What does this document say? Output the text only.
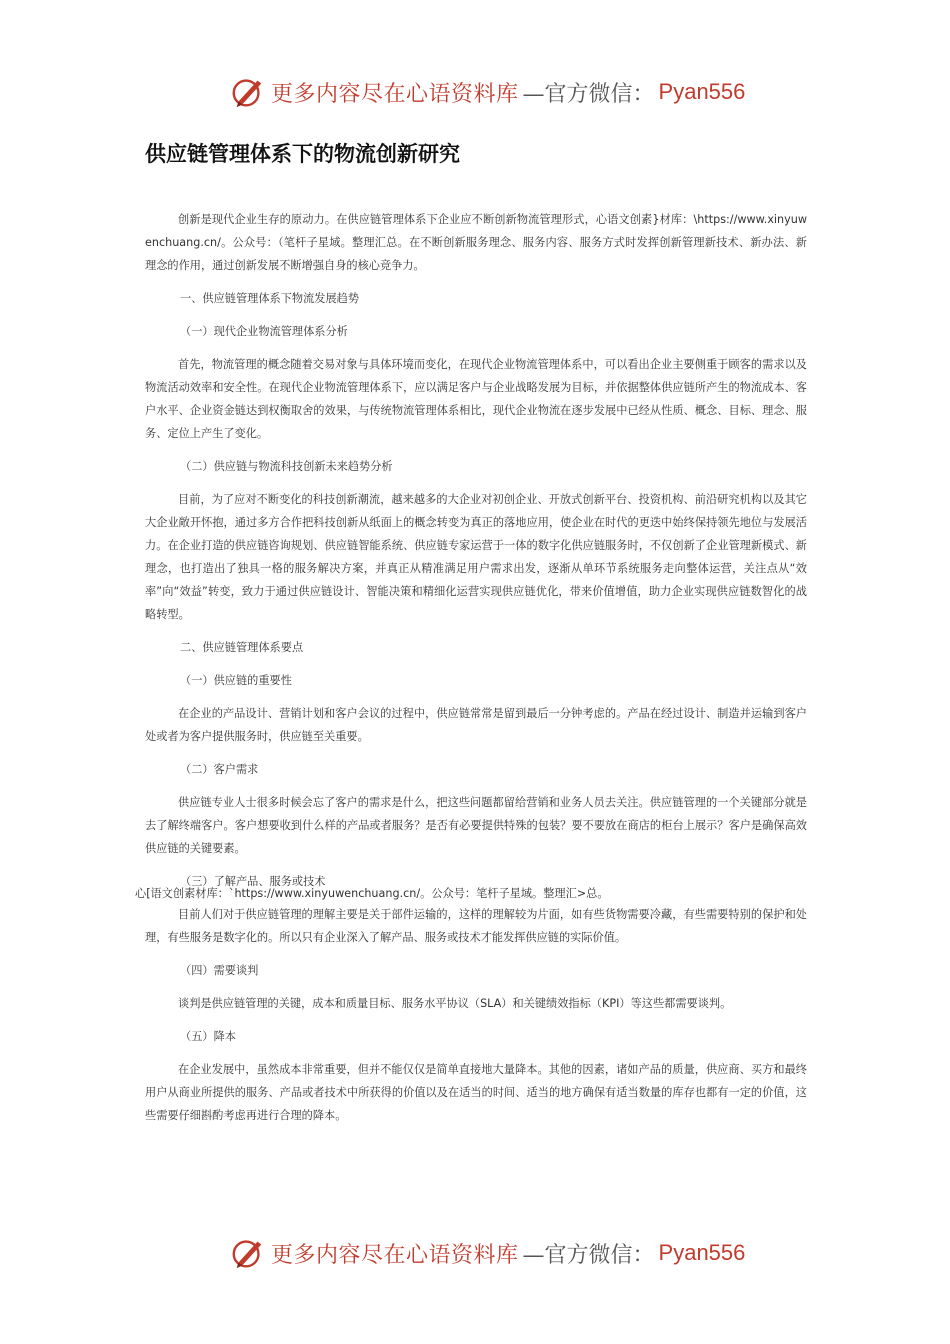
更多内容尽在心语资料库 —官方微信： Pyan556
供应链管理体系下的物流创新研究

创新是现代企业生存的原动力。在供应链管理体系下企业应不断创新物流管理形式，心语文创素}材库：\https://www.xinyuwenchuang.cn/。公众号：（笔杆子星域。整理汇总。在不断创新服务理念、服务内容、服务方式时发挥创新管理新技术、新办法、新理念的作用，通过创新发展不断增强自身的核心竞争力。

一、供应链管理体系下物流发展趋势

（一）现代企业物流管理体系分析

首先，物流管理的概念随着交易对象与具体环境而变化，在现代企业物流管理体系中，可以看出企业主要侧重于顾客的需求以及物流活动效率和安全性。在现代企业物流管理体系下，应以满足客户与企业战略发展为目标，并依据整体供应链所产生的物流成本、客户水平、企业资金链达到权衡取舍的效果，与传统物流管理体系相比，现代企业物流在逐步发展中已经从性质、概念、目标、理念、服务、定位上产生了变化。

（二）供应链与物流科技创新未来趋势分析

目前，为了应对不断变化的科技创新潮流，越来越多的大企业对初创企业、开放式创新平台、投资机构、前沿研究机构以及其它大企业敞开怀抱，通过多方合作把科技创新从纸面上的概念转变为真正的落地应用，使企业在时代的更迭中始终保持领先地位与发展活力。在企业打造的供应链咨询规划、供应链智能系统、供应链专家运营于一体的数字化供应链服务时，不仅创新了企业管理新模式、新理念，也打造出了独具一格的服务解决方案，并真正从精准满足用户需求出发，逐渐从单环节系统服务走向整体运营，关注点从“效率”向“效益”转变，致力于通过供应链设计、智能决策和精细化运营实现供应链优化，带来价值增值，助力企业实现供应链数智化的战略转型。

二、供应链管理体系要点

（一）供应链的重要性

在企业的产品设计、营销计划和客户会议的过程中，供应链常常是留到最后一分钟考虑的。产品在经过设计、制造并运输到客户处或者为客户提供服务时，供应链至关重要。

（二）客户需求

供应链专业人士很多时候会忘了客户的需求是什么，把这些问题都留给营销和业务人员去关注。供应链管理的一个关键部分就是去了解终端客户。客户想要收到什么样的产品或者服务？是否有必要提供特殊的包装？要不要放在商店的柜台上展示？客户是确保高效供应链的关键要素。

（三）了解产品、服务或技术

目前人们对于供应链管理的理解主要是关于部件运输的，这样的理解较为片面，如有些货物需要冷藏，有些需要特别的保护和处理，有些服务是数字化的。所以只有企业深入了解产品、服务或技术才能发挥供应链的实际价值。

（四）需要谈判

谈判是供应链管理的关键，成本和质量目标、服务水平协议（SLA）和关键绩效指标（KPI）等这些都需要谈判。

（五）降本

在企业发展中，虽然成本非常重要，但并不能仅仅是简单直接地大量降本。其他的因素，诸如产品的质量，供应商、买方和最终用户从商业所提供的服务、产品或者技术中所获得的价值以及在适当的时间、适当的地方确保有适当数量的库存也都有一定的价值，这些需要仔细斟酌考虑再进行合理的降本。

心[语文创素材库：`https://www.xinyuwenchuang.cn/。公众号：笔杆子星域。整理汇>总。
更多内容尽在心语资料库 —官方微信： Pyan556
